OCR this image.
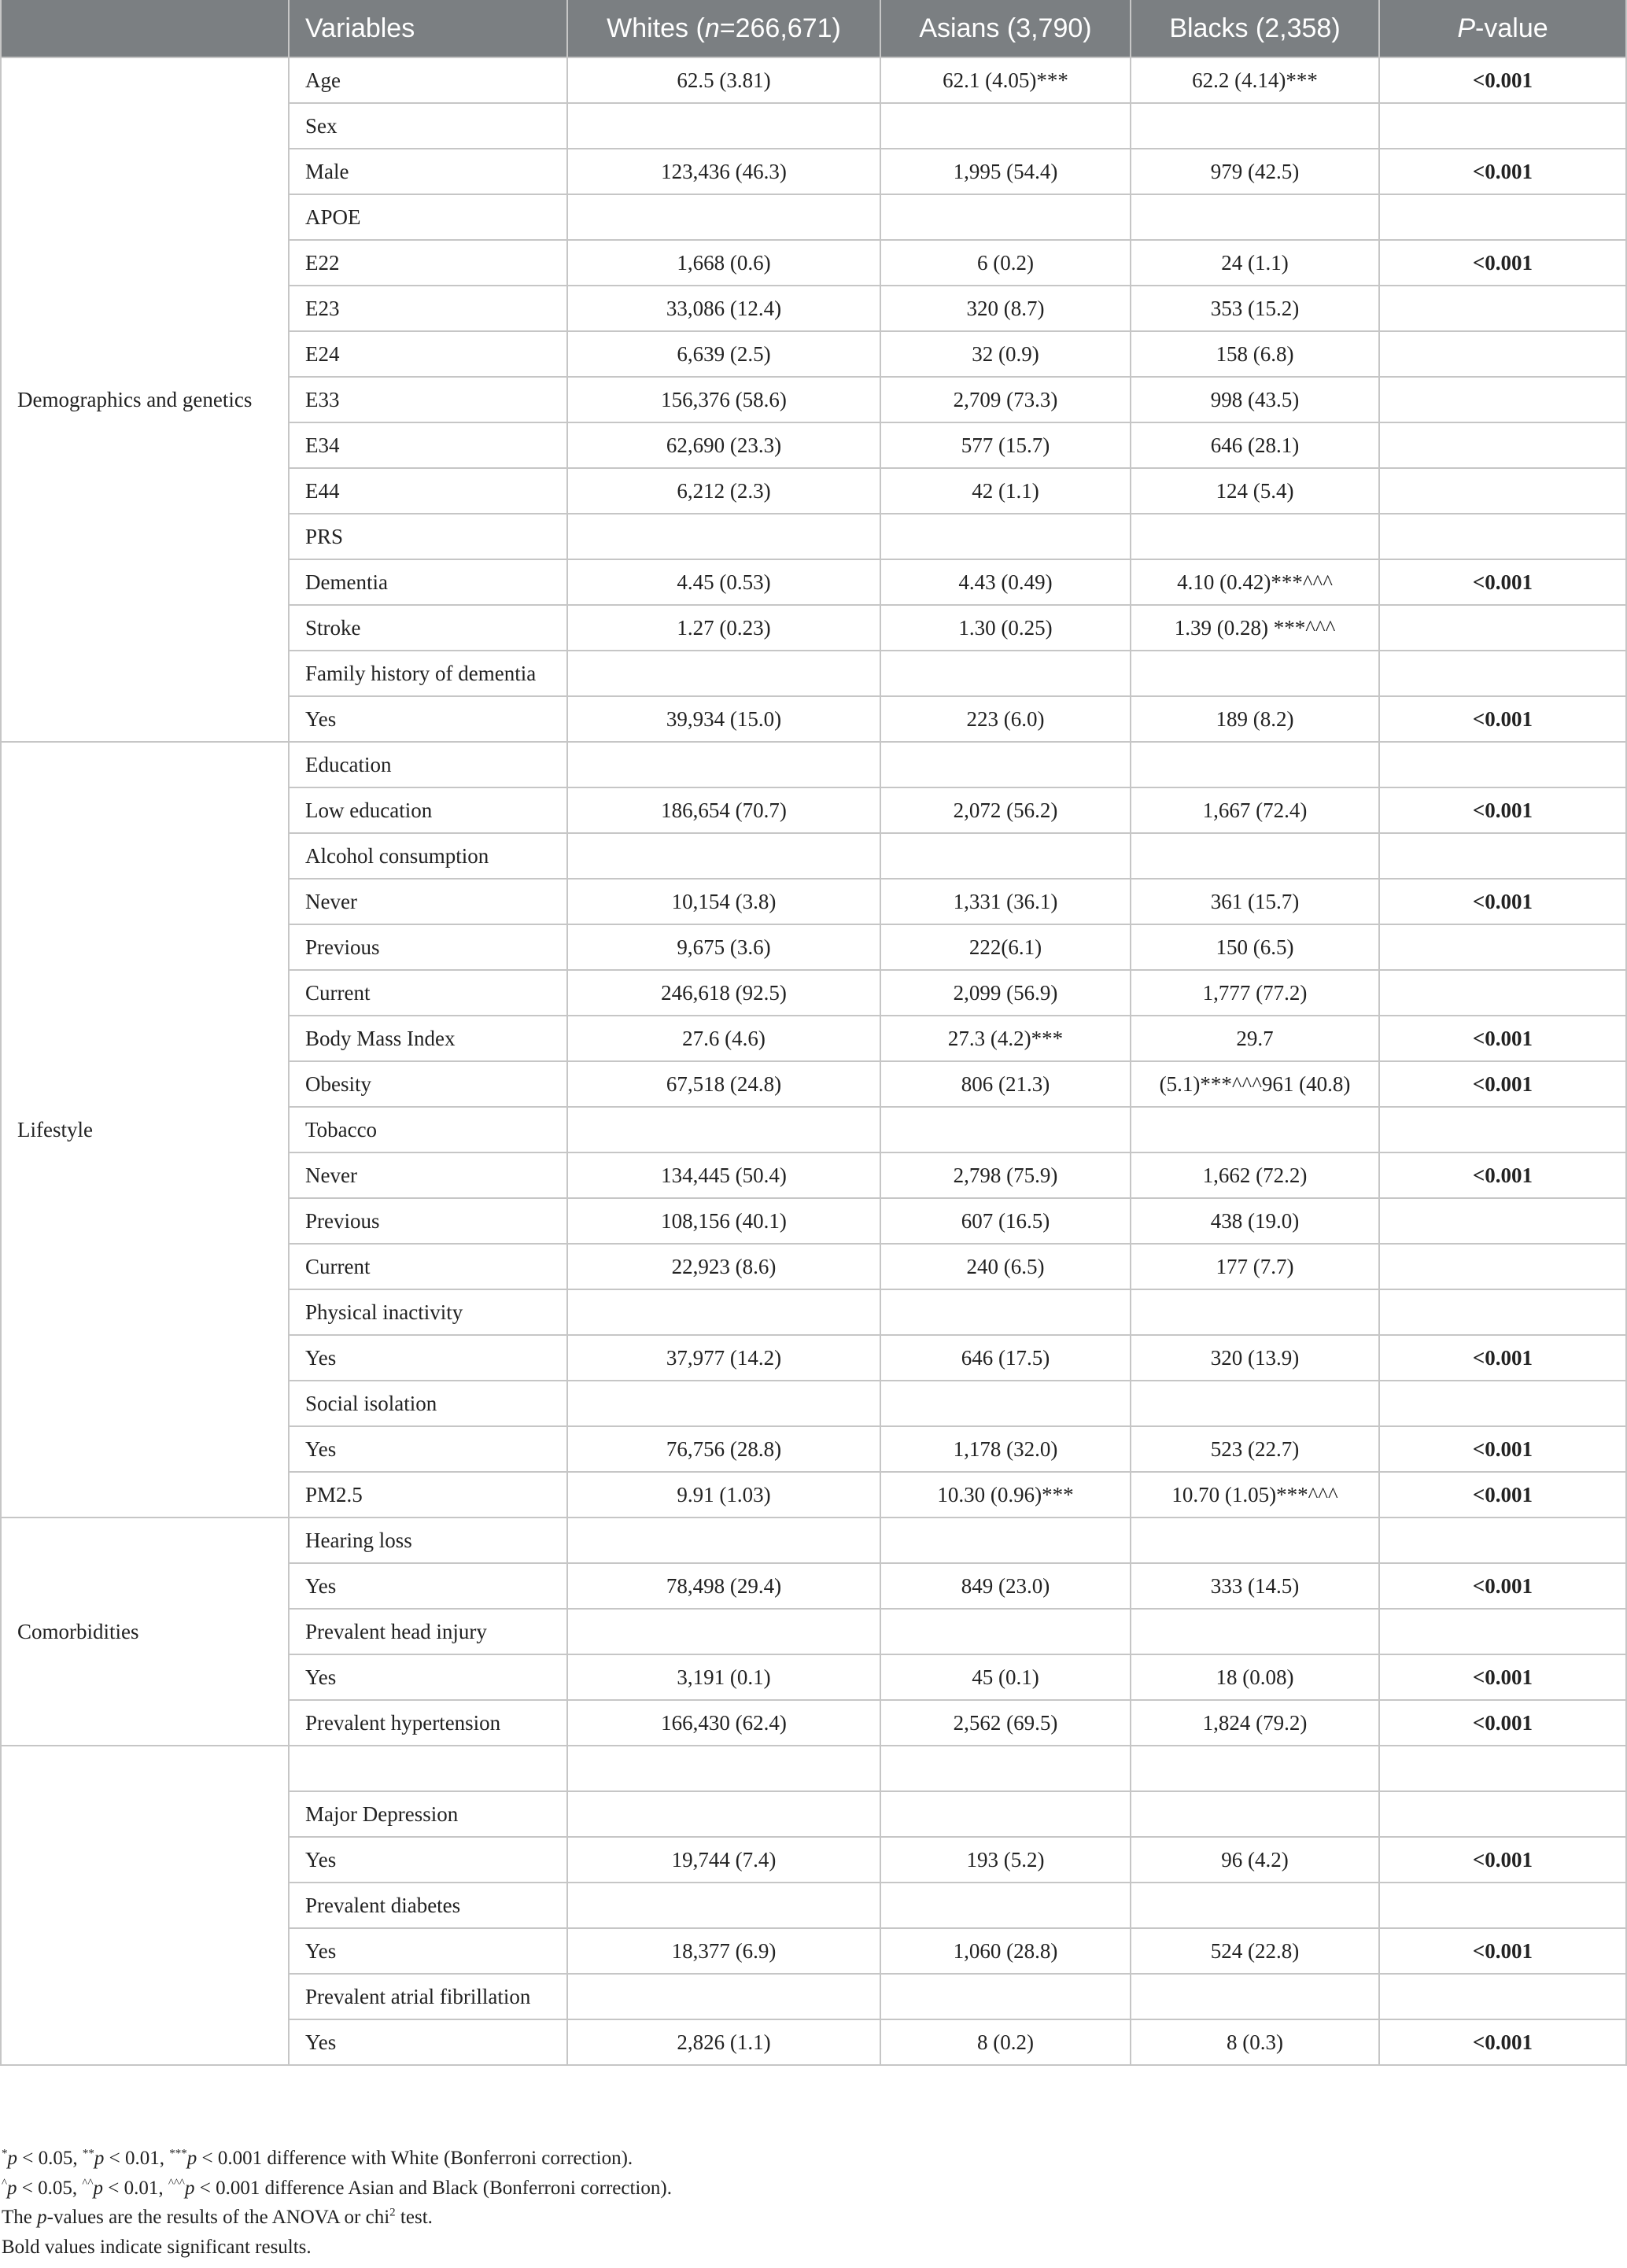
	Variables	Whites (n=266,671)	Asians (3,790)	Blacks (2,358)	P-value
Demographics and genetics	Age	62.5 (3.81)	62.1 (4.05)***	62.2 (4.14)***	<0.001
	Sex				
	Male	123,436 (46.3)	1,995 (54.4)	979 (42.5)	<0.001
	APOE				
	E22	1,668 (0.6)	6 (0.2)	24 (1.1)	<0.001
	E23	33,086 (12.4)	320 (8.7)	353 (15.2)	
	E24	6,639 (2.5)	32 (0.9)	158 (6.8)	
	E33	156,376 (58.6)	2,709 (73.3)	998 (43.5)	
	E34	62,690 (23.3)	577 (15.7)	646 (28.1)	
	E44	6,212 (2.3)	42 (1.1)	124 (5.4)	
	PRS				
	Dementia	4.45 (0.53)	4.43 (0.49)	4.10 (0.42)***^^^	<0.001
	Stroke	1.27 (0.23)	1.30 (0.25)	1.39 (0.28) ***^^^	
	Family history of dementia				
	Yes	39,934 (15.0)	223 (6.0)	189 (8.2)	<0.001
Lifestyle	Education				
	Low education	186,654 (70.7)	2,072 (56.2)	1,667 (72.4)	<0.001
	Alcohol consumption				
	Never	10,154 (3.8)	1,331 (36.1)	361 (15.7)	<0.001
	Previous	9,675 (3.6)	222(6.1)	150 (6.5)	
	Current	246,618 (92.5)	2,099 (56.9)	1,777 (77.2)	
	Body Mass Index	27.6 (4.6)	27.3 (4.2)***	29.7	<0.001
	Obesity	67,518 (24.8)	806 (21.3)	(5.1)***^^^961 (40.8)	<0.001
	Tobacco				
	Never	134,445 (50.4)	2,798 (75.9)	1,662 (72.2)	<0.001
	Previous	108,156 (40.1)	607 (16.5)	438 (19.0)	
	Current	22,923 (8.6)	240 (6.5)	177 (7.7)	
	Physical inactivity				
	Yes	37,977 (14.2)	646 (17.5)	320 (13.9)	<0.001
	Social isolation				
	Yes	76,756 (28.8)	1,178 (32.0)	523 (22.7)	<0.001
	PM2.5	9.91 (1.03)	10.30 (0.96)***	10.70 (1.05)***^^^	<0.001
Comorbidities	Hearing loss				
	Yes	78,498 (29.4)	849 (23.0)	333 (14.5)	<0.001
	Prevalent head injury				
	Yes	3,191 (0.1)	45 (0.1)	18 (0.08)	<0.001
	Prevalent hypertension	166,430 (62.4)	2,562 (69.5)	1,824 (79.2)	<0.001

	Major Depression				
	Yes	19,744 (7.4)	193 (5.2)	96 (4.2)	<0.001
	Prevalent diabetes				
	Yes	18,377 (6.9)	1,060 (28.8)	524 (22.8)	<0.001
	Prevalent atrial fibrillation				
	Yes	2,826 (1.1)	8 (0.2)	8 (0.3)	<0.001
*p < 0.05, **p < 0.01, ***p < 0.001 difference with White (Bonferroni correction).
^p < 0.05, ^^p < 0.01, ^^^p < 0.001 difference Asian and Black (Bonferroni correction).
The p-values are the results of the ANOVA or chi$^2$ test.
Bold values indicate significant results.
